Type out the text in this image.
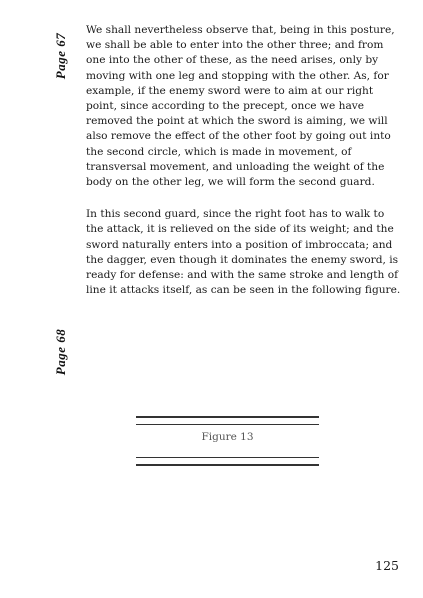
Page 67

We shall nevertheless observe that, being in this posture, we shall be able to enter into the other three; and from one into the other of these, as the need arises, only by moving with one leg and stopping with the other. As, for example, if the enemy sword were to aim at our right point, since according to the precept, once we have removed the point at which the sword is aiming, we will also remove the effect of the other foot by going out into the second circle, which is made in movement, of transversal movement, and unloading the weight of the body on the other leg, we will form the second guard.

In this second guard, since the right foot has to walk to the attack, it is relieved on the side of its weight; and the sword naturally enters into a position of imbroccata; and the dagger, even though it dominates the enemy sword, is ready for defense: and with the same stroke and length of line it attacks itself, as can be seen in the following figure.

Page 68
Figure 13
125
